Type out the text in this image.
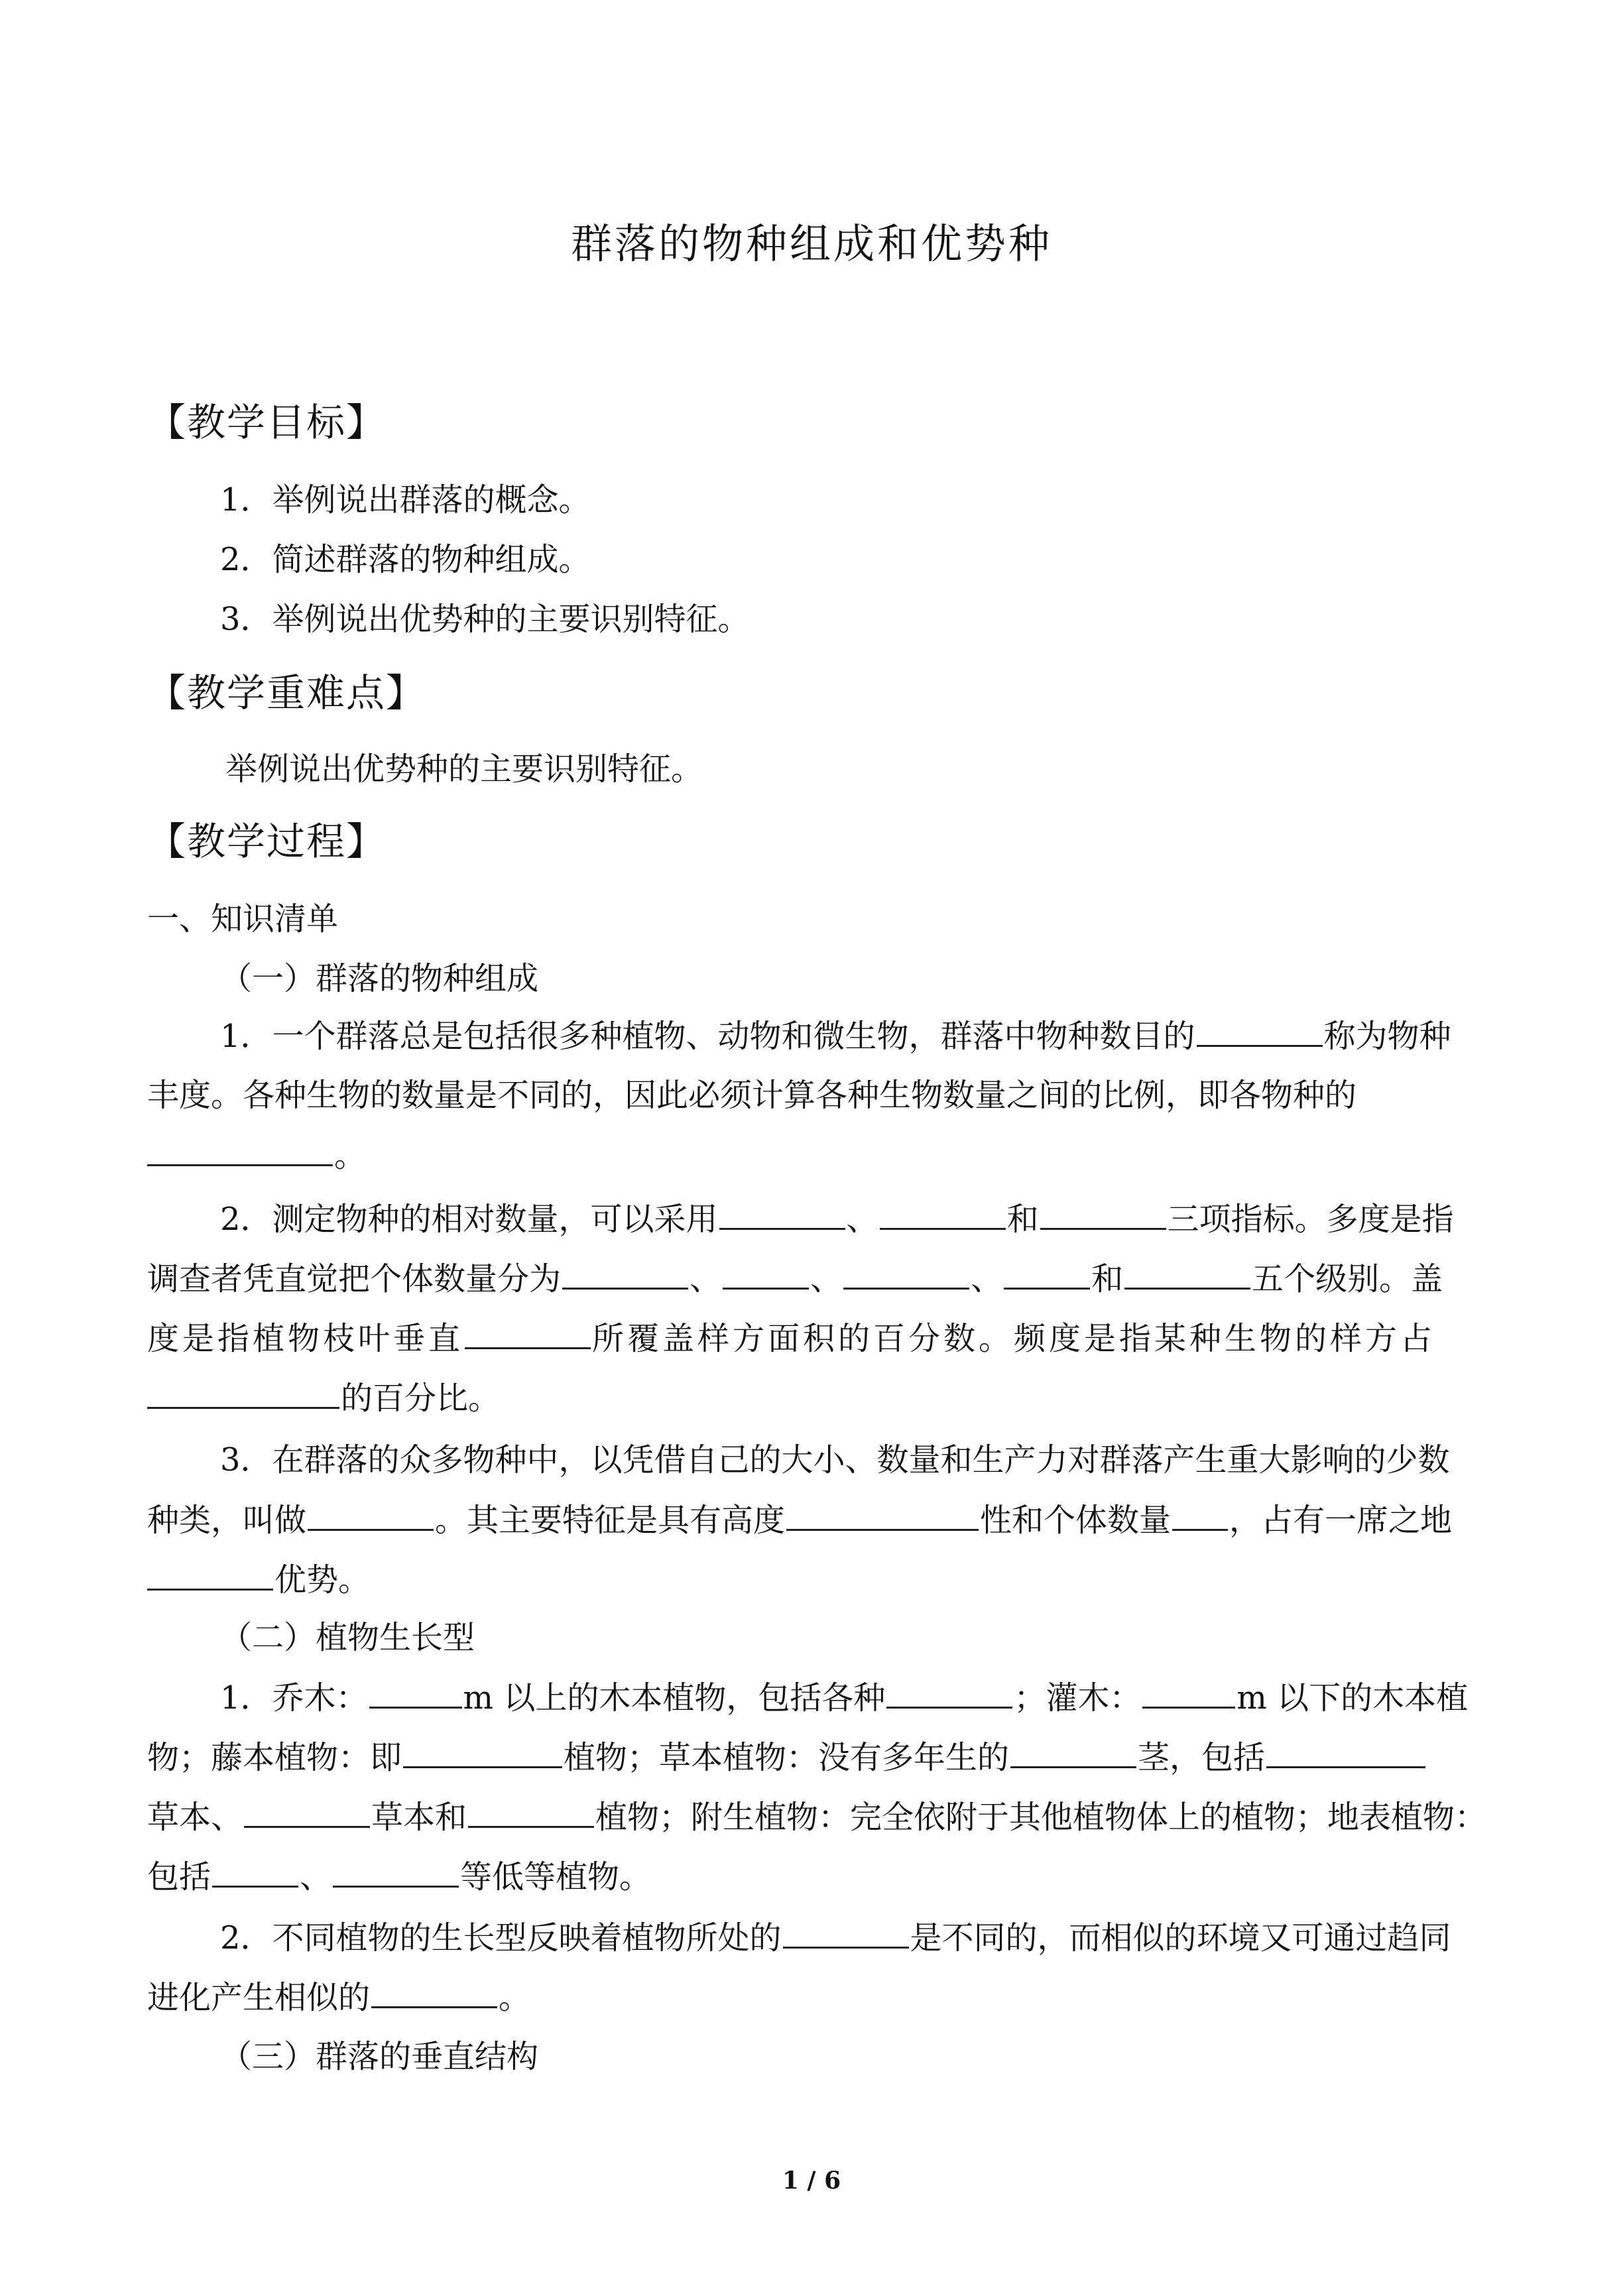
群落的物种组成和优势种
【教学目标】
1．举例说出群落的概念。
2．简述群落的物种组成。
3．举例说出优势种的主要识别特征。
【教学重难点】
举例说出优势种的主要识别特征。
【教学过程】
一、知识清单
（一）群落的物种组成
1．一个群落总是包括很多种植物、动物和微生物，群落中物种数目的	称为物种
丰度。各种生物的数量是不同的，因此必须计算各种生物数量之间的比例，即各物种的
。
2．测定物种的相对数量，可以采用	、	和	三项指标。多度是指
调查者凭直觉把个体数量分为	、	、	、	和	五个级别。盖
度是指植物枝叶垂直	所覆盖样方面积的百分数。频度是指某种生物的样方占
的百分比。
3．在群落的众多物种中，以凭借自己的大小、数量和生产力对群落产生重大影响的少数
种类，叫做	。其主要特征是具有高度	性和个体数量 ，占有一席之地
优势。
（二）植物生长型
1．乔木：	m 以上的木本植物，包括各种	；灌木：	m 以下的木本植
物；藤本植物：即	植物；草本植物：没有多年生的	茎，包括
草本、	草本和	植物；附生植物：完全依附于其他植物体上的植物；地表植物：
包括	、	等低等植物。
2．不同植物的生长型反映着植物所处的	是不同的，而相似的环境又可通过趋同
进化产生相似的	。
（三）群落的垂直结构
1 / 6
